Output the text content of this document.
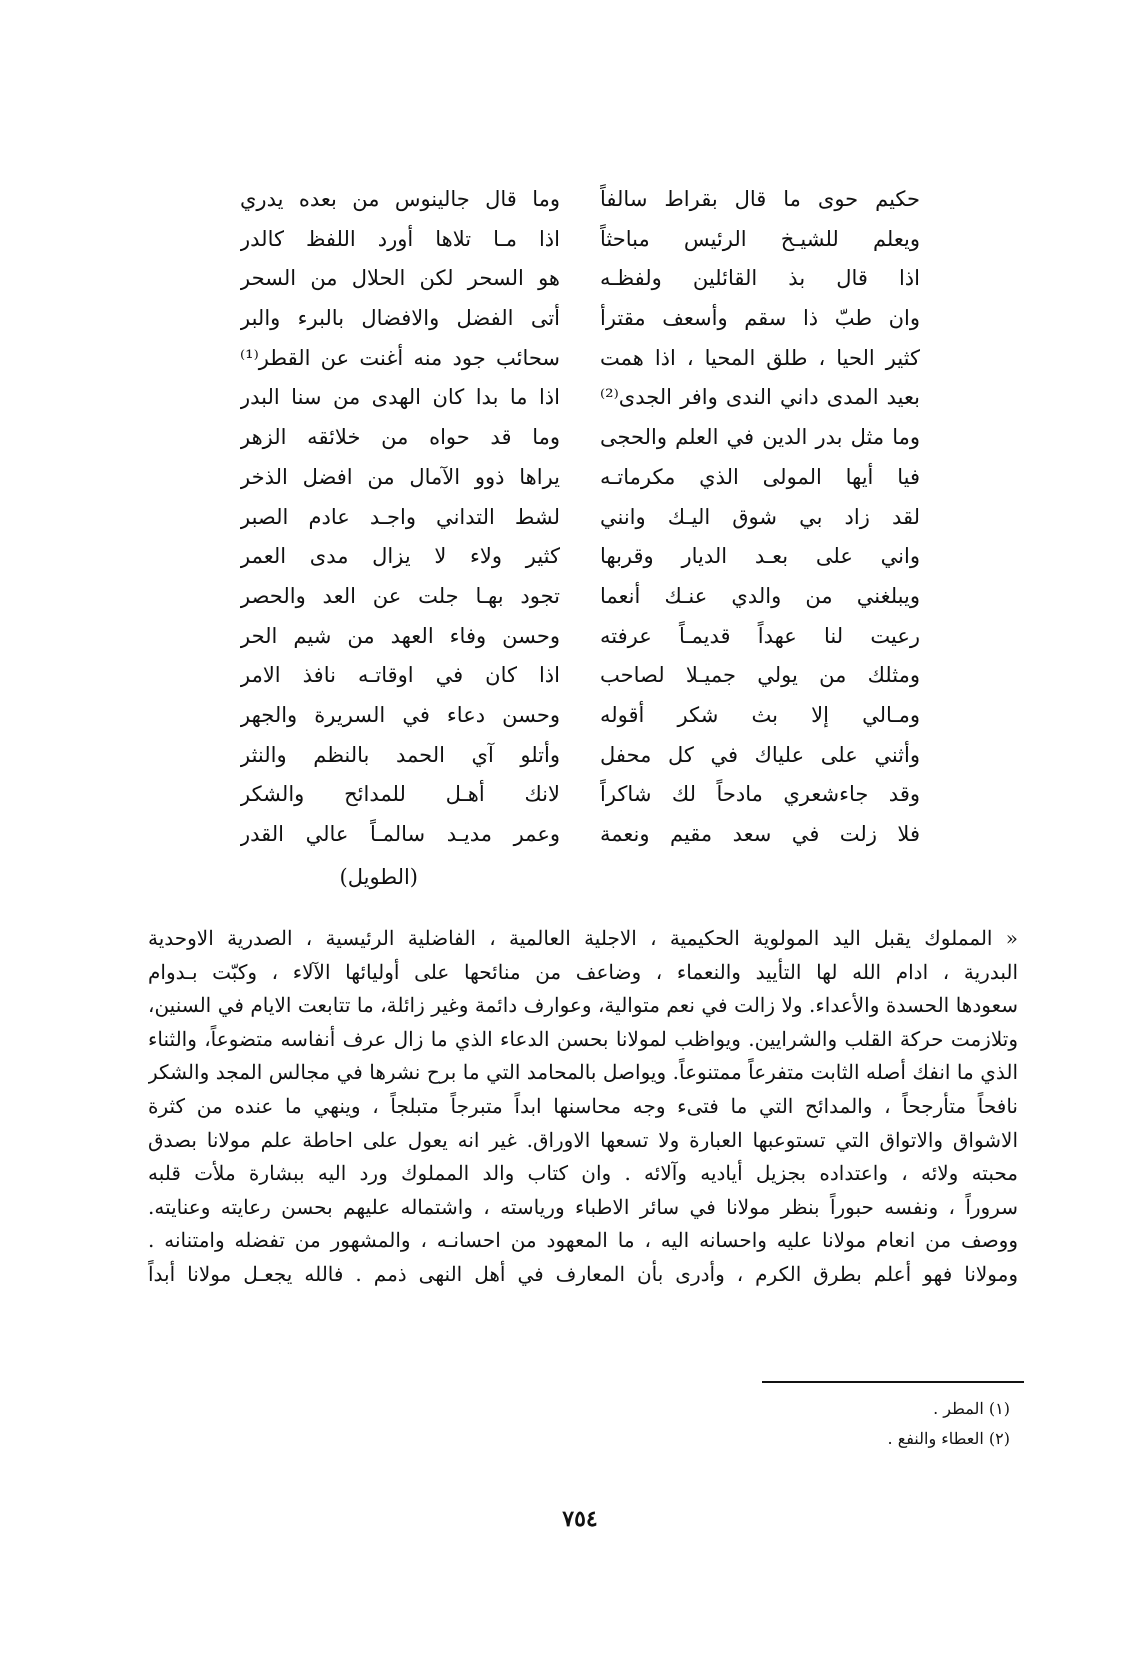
حكيم حوى ما قال بقراط سالفاً
ويعلم للشيـخ الرئيس مباحثاً
اذا قال بذ القائلين ولفظـه
وان طبّ ذا سقم وأسعف مقترأ
كثير الحيا ، طلق المحيا ، اذا همت
بعيد المدى داني الندى وافر الجدى⁽²⁾
وما مثل بدر الدين في العلم والحجى
فيا أيها المولى الذي مكرماتـه
لقد زاد بي شوق اليـك وانني
واني على بعـد الديار وقربها
ويبلغني من والدي عنـك أنعما
رعيت لنا عهداً قديمـاً عرفته
ومثلك من يولي جميـلا لصاحب
ومـالي إلا بث شكر أقوله
وأثني على علياك في كل محفل
وقد جاءشعري مادحاً لك شاكراً
فلا زلت في سعد مقيم ونعمة
وما قال جالينوس من بعده يدري
اذا مـا تلاها أورد اللفظ كالدر
هو السحر لكن الحلال من السحر
أتى الفضل والافضال بالبرء والبر
سحائب جود منه أغنت عن القطر⁽¹⁾
اذا ما بدا كان الهدى من سنا البدر
وما قد حواه من خلائقه الزهر
يراها ذوو الآمال من افضل الذخر
لشط التداني واجـد عادم الصبر
كثير ولاء لا يزال مدى العمر
تجود بهـا جلت عن العد والحصر
وحسن وفاء العهد من شيم الحر
اذا كان في اوقاتـه نافذ الامر
وحسن دعاء في السريرة والجهر
وأتلو آي الحمد بالنظم والنثر
لانك أهـل للمدائح والشكر
وعمر مديـد سالمـاً عالي القدر
(الطويل)
« المملوك يقبل اليد المولوية الحكيمية ، الاجلية العالمية ، الفاضلية الرئيسية ، الصدرية الاوحدية
البدرية ، ادام الله لها التأييد والنعماء ، وضاعف من منائحها على أوليائها الآلاء ، وكبّت بـدوام
سعودها الحسدة والأعداء. ولا زالت في نعم متوالية، وعوارف دائمة وغير زائلة، ما تتابعت الايام في السنين،
وتلازمت حركة القلب والشرايين. ويواظب لمولانا بحسن الدعاء الذي ما زال عرف أنفاسه متضوعاً، والثناء
الذي ما انفك أصله الثابت متفرعاً ممتنوعاً. ويواصل بالمحامد التي ما برح نشرها في مجالس المجد والشكر
نافحاً متأرجحاً ، والمدائح التي ما فتىء وجه محاسنها ابداً متبرجاً متبلجاً ، وينهي ما عنده من كثرة
الاشواق والاتواق التي تستوعبها العبارة ولا تسعها الاوراق. غير انه يعول على احاطة علم مولانا بصدق
محبته ولائه ، واعتداده بجزيل أياديه وآلائه . وان كتاب والد المملوك ورد اليه ببشارة ملأت قلبه
سروراً ، ونفسه حبوراً بنظر مولانا في سائر الاطباء ورياسته ، واشتماله عليهم بحسن رعايته وعنايته.
ووصف من انعام مولانا عليه واحسانه اليه ، ما المعهود من احسانـه ، والمشهور من تفضله وامتنانه .
ومولانا فهو أعلم بطرق الكرم ، وأدرى بأن المعارف في أهل النهى ذمم . فالله يجعـل مولانا أبداً
(١) المطر .
(٢) العطاء والنفع .
٧٥٤
